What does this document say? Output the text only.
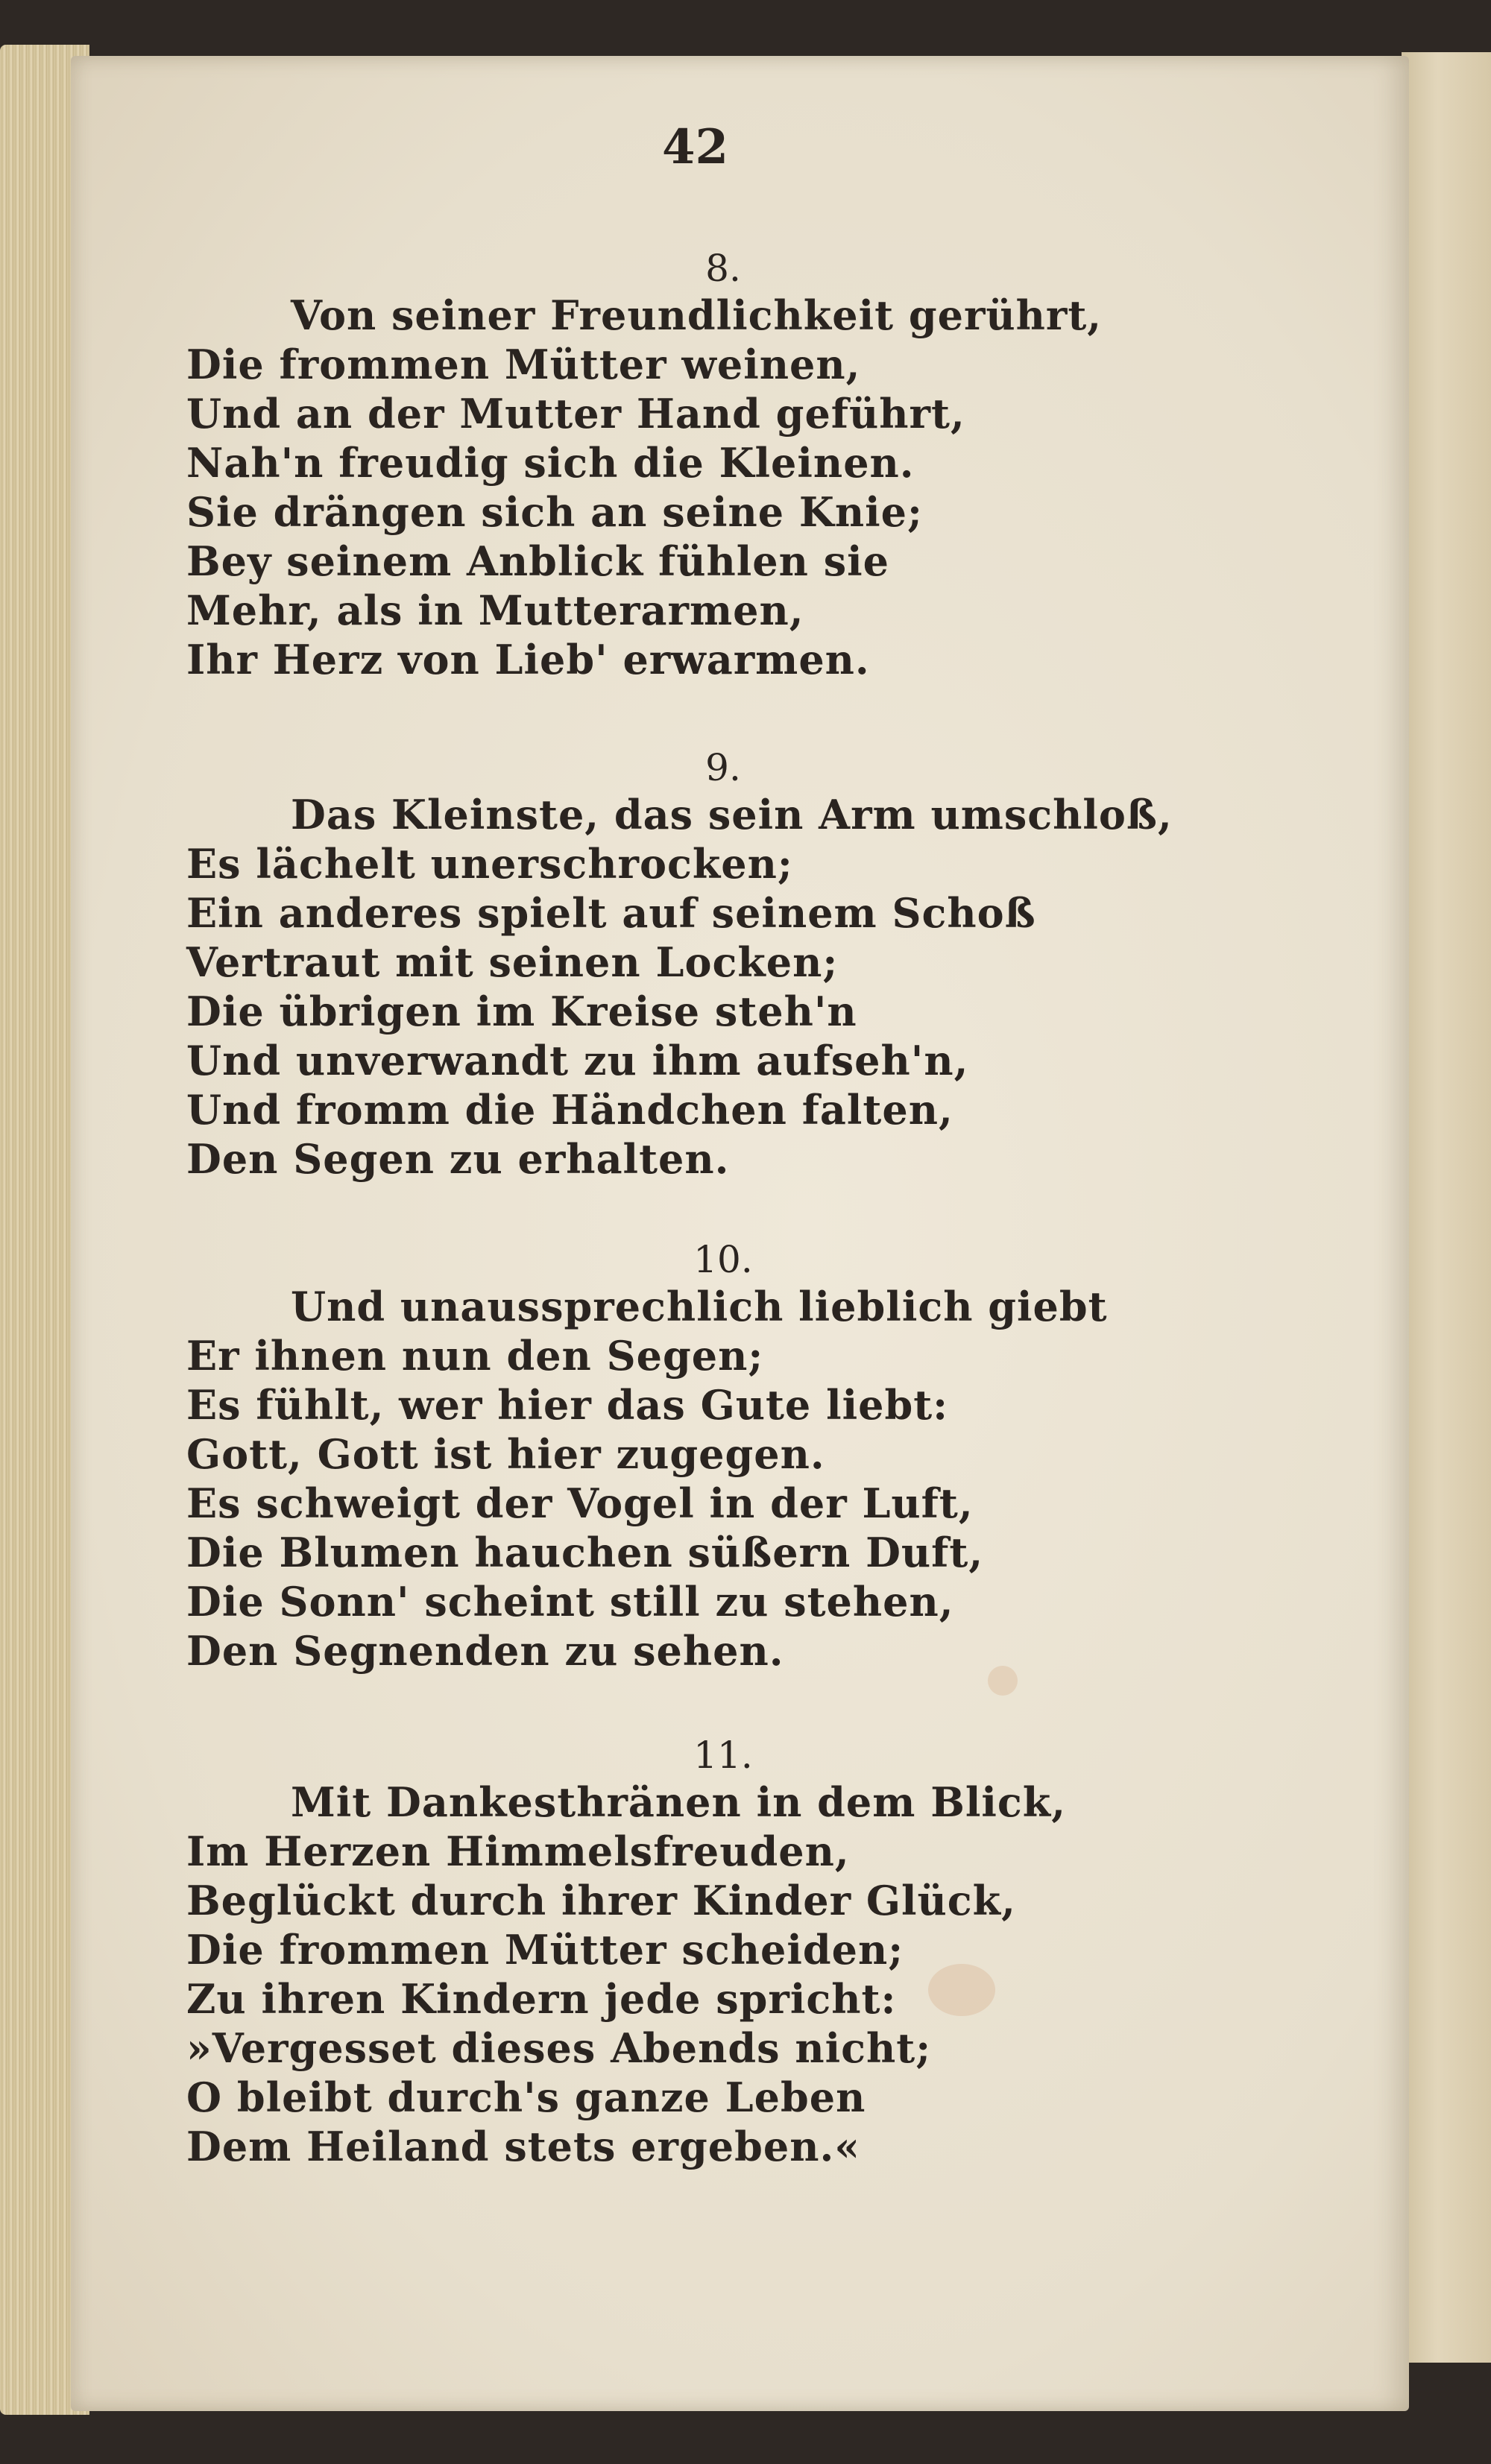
42
8.
Von seiner Freundlichkeit gerührt,
Die frommen Mütter weinen,
Und an der Mutter Hand geführt,
Nah'n freudig sich die Kleinen.
Sie drängen sich an seine Knie;
Bey seinem Anblick fühlen sie
Mehr, als in Mutterarmen,
Ihr Herz von Lieb' erwarmen.
9.
Das Kleinste, das sein Arm umschloß,
Es lächelt unerschrocken;
Ein anderes spielt auf seinem Schoß
Vertraut mit seinen Locken;
Die übrigen im Kreise steh'n
Und unverwandt zu ihm aufseh'n,
Und fromm die Händchen falten,
Den Segen zu erhalten.
10.
Und unaussprechlich lieblich giebt
Er ihnen nun den Segen;
Es fühlt, wer hier das Gute liebt:
Gott, Gott ist hier zugegen.
Es schweigt der Vogel in der Luft,
Die Blumen hauchen süßern Duft,
Die Sonn' scheint still zu stehen,
Den Segnenden zu sehen.
11.
Mit Dankesthränen in dem Blick,
Im Herzen Himmelsfreuden,
Beglückt durch ihrer Kinder Glück,
Die frommen Mütter scheiden;
Zu ihren Kindern jede spricht:
»Vergesset dieses Abends nicht;
O bleibt durch's ganze Leben
Dem Heiland stets ergeben.«
